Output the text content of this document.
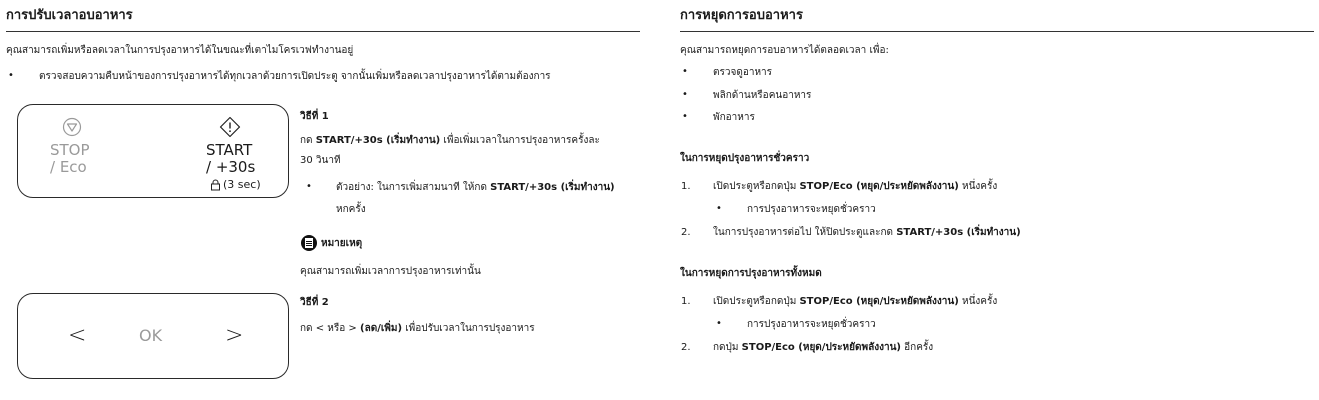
การปรับเวลาอบอาหาร
คุณสามารถเพิ่มหรือลดเวลาในการปรุงอาหารได้ในขณะที่เตาไมโครเวฟทำงานอยู่
•	ตรวจสอบความคืบหน้าของการปรุงอาหารได้ทุกเวลาด้วยการเปิดประตู จากนั้นเพิ่มหรือลดเวลาปรุงอาหารได้ตามต้องการ
STOP
/ Eco
START
/ +30s
(3 sec)
วิธีที่ 1
กด START/+30s (เริ่มทำงาน) เพื่อเพิ่มเวลาในการปรุงอาหารครั้งละ
30 วินาที
• ตัวอย่าง: ในการเพิ่มสามนาที ให้กด START/+30s (เริ่มทำงาน)
หกครั้ง
หมายเหตุ
คุณสามารถเพิ่มเวลาการปรุงอาหารเท่านั้น
<	OK	>
วิธีที่ 2
กด < หรือ > (ลด/เพิ่ม) เพื่อปรับเวลาในการปรุงอาหาร
การหยุดการอบอาหาร
คุณสามารถหยุดการอบอาหารได้ตลอดเวลา เพื่อ:
•	ตรวจดูอาหาร
•	พลิกด้านหรือคนอาหาร
•	พักอาหาร
ในการหยุดปรุงอาหารชั่วคราว
1. เปิดประตูหรือกดปุ่ม STOP/Eco (หยุด/ประหยัดพลังงาน) หนึ่งครั้ง
•	การปรุงอาหารจะหยุดชั่วคราว
2. ในการปรุงอาหารต่อไป ให้ปิดประตูและกด START/+30s (เริ่มทำงาน)
ในการหยุดการปรุงอาหารทั้งหมด
1. เปิดประตูหรือกดปุ่ม STOP/Eco (หยุด/ประหยัดพลังงาน) หนึ่งครั้ง
•	การปรุงอาหารจะหยุดชั่วคราว
2. กดปุ่ม STOP/Eco (หยุด/ประหยัดพลังงาน) อีกครั้ง
